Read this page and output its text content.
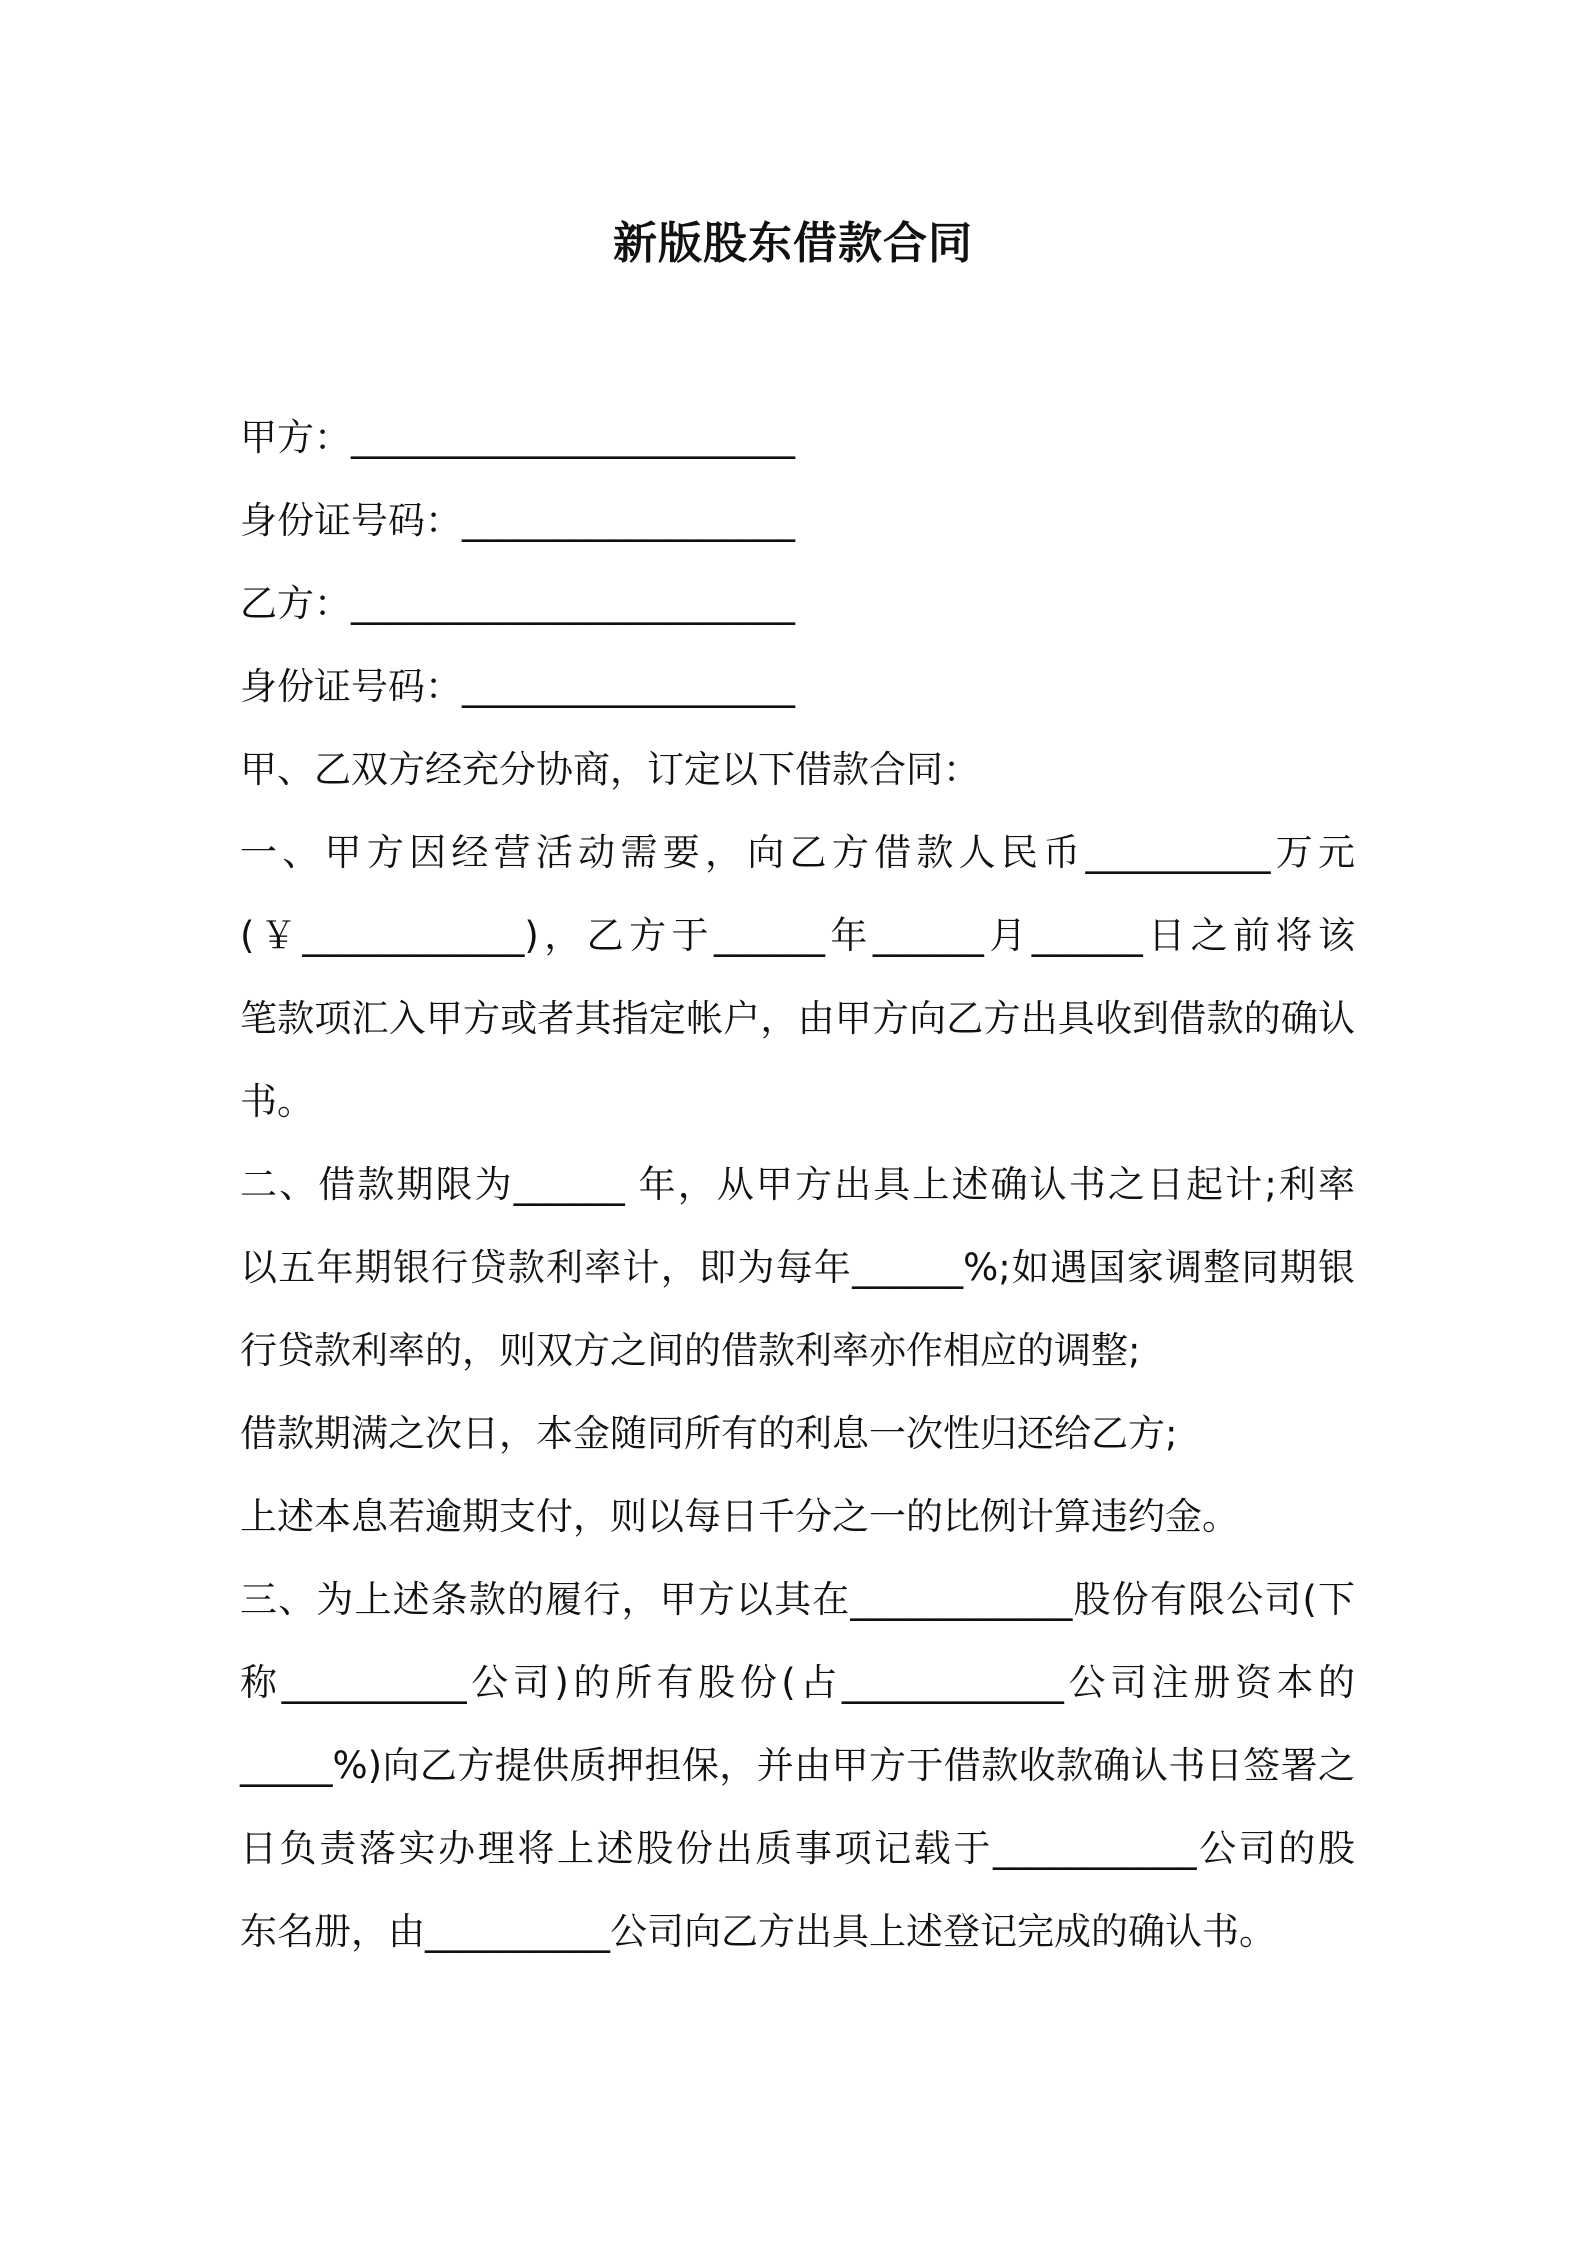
新版股东借款合同
甲方：________________________
身份证号码：__________________
乙方：________________________
身份证号码：__________________
甲、乙双方经充分协商，订定以下借款合同：
一、甲方因经营活动需要，向乙方借款人民币__________万元
(￥____________)，乙方于______年______月______日之前将该
笔款项汇入甲方或者其指定帐户，由甲方向乙方出具收到借款的确认
书。
二、借款期限为______ 年，从甲方出具上述确认书之日起计;利率
以五年期银行贷款利率计，即为每年______%;如遇国家调整同期银
行贷款利率的，则双方之间的借款利率亦作相应的调整;
借款期满之次日，本金随同所有的利息一次性归还给乙方;
上述本息若逾期支付，则以每日千分之一的比例计算违约金。
三、为上述条款的履行，甲方以其在____________股份有限公司(下
称__________公司)的所有股份(占____________公司注册资本的
_____%)向乙方提供质押担保，并由甲方于借款收款确认书日签署之
日负责落实办理将上述股份出质事项记载于___________公司的股
东名册，由__________公司向乙方出具上述登记完成的确认书。
